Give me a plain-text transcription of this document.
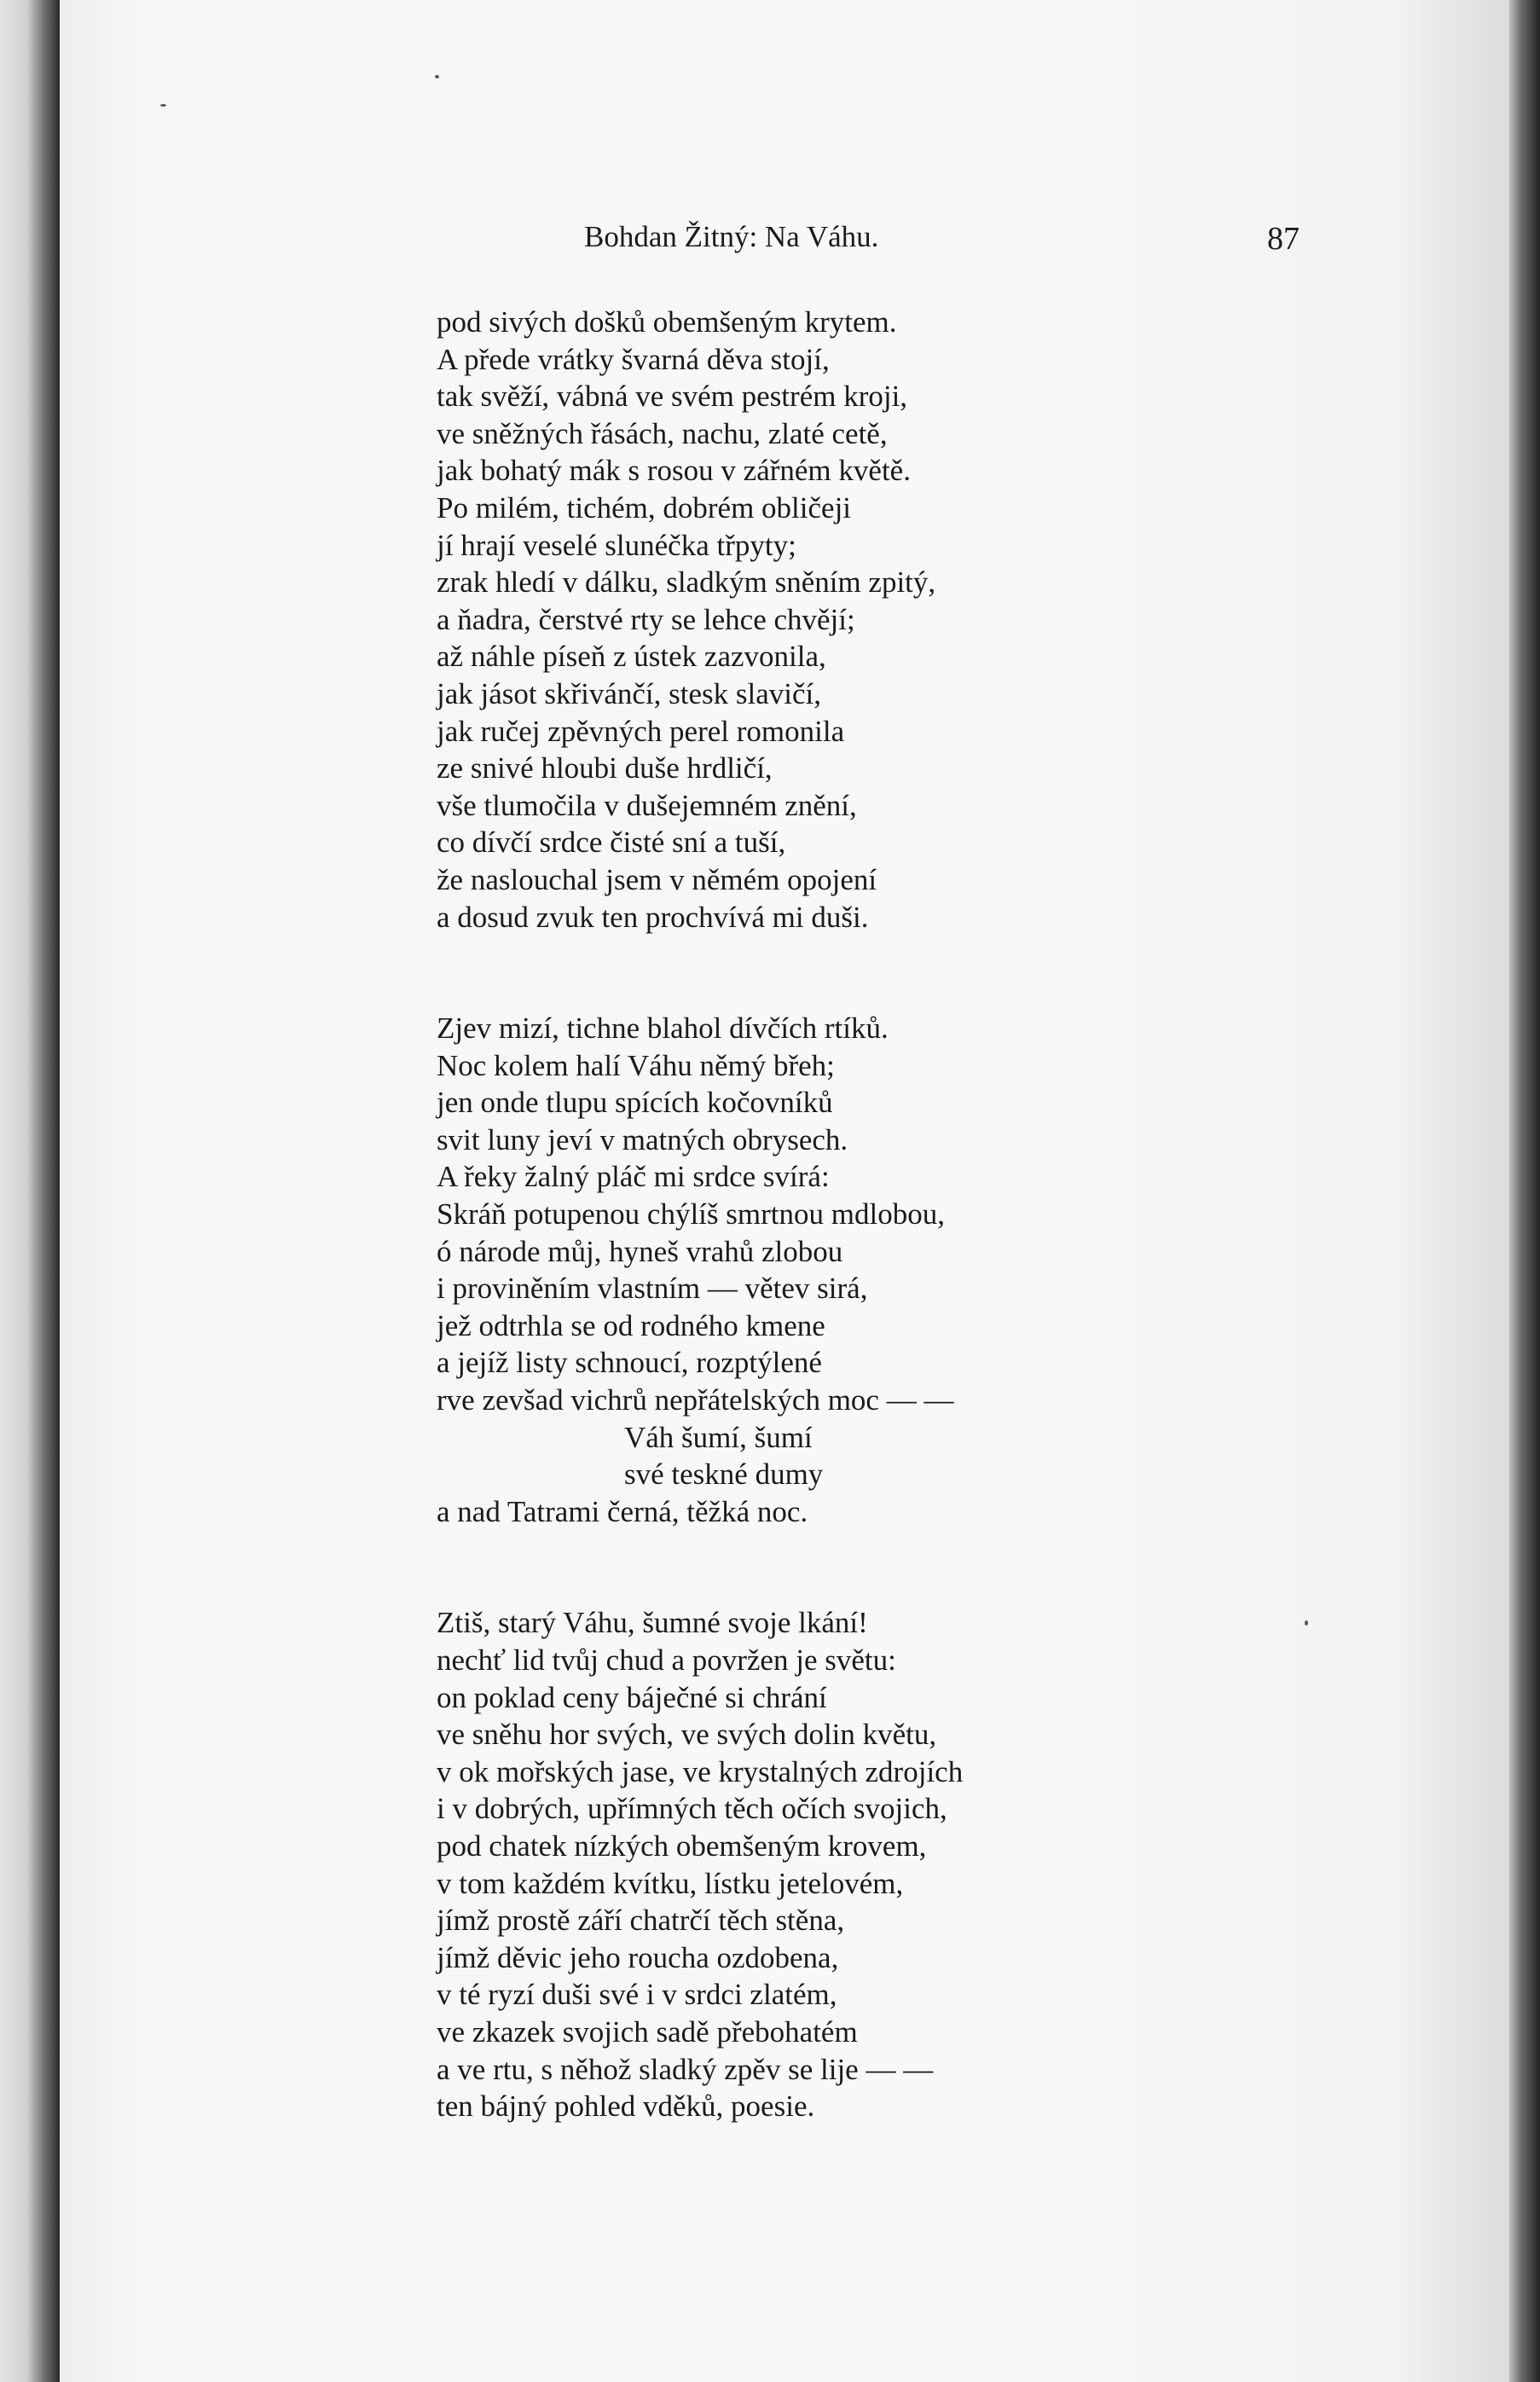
Bohdan Žitný: Na Váhu.	87
pod sivých došků obemšeným krytem.
A přede vrátky švarná děva stojí,
tak svěží, vábná ve svém pestrém kroji,
ve sněžných řásách, nachu, zlaté cetě,
jak bohatý mák s rosou v zářném květě.
Po milém, tichém, dobrém obličeji
jí hrají veselé slunéčka třpyty;
zrak hledí v dálku, sladkým sněním zpitý,
a ňadra, čerstvé rty se lehce chvějí;
až náhle píseň z ústek zazvonila,
jak jásot skřivánčí, stesk slavičí,
jak ručej zpěvných perel romonila
ze snivé hloubi duše hrdličí,
vše tlumočila v dušejemném znění,
co dívčí srdce čisté sní a tuší,
že naslouchal jsem v němém opojení
a dosud zvuk ten prochvívá mi duši.
Zjev mizí, tichne blahol dívčích rtíků.
Noc kolem halí Váhu němý břeh;
jen onde tlupu spících kočovníků
svit luny jeví v matných obrysech.
A řeky žalný pláč mi srdce svírá:
Skráň potupenou chýlíš smrtnou mdlobou,
ó národe můj, hyneš vrahů zlobou
i proviněním vlastním — větev sirá,
jež odtrhla se od rodného kmene
a jejíž listy schnoucí, rozptýlené
rve zevšad vichrů nepřátelských moc — —
Váh šumí, šumí
své teskné dumy
a nad Tatrami černá, těžká noc.
Ztiš, starý Váhu, šumné svoje lkání!
nechť lid tvůj chud a povržen je světu:
on poklad ceny báječné si chrání
ve sněhu hor svých, ve svých dolin květu,
v ok mořských jase, ve krystalných zdrojích
i v dobrých, upřímných těch očích svojich,
pod chatek nízkých obemšeným krovem,
v tom každém kvítku, lístku jetelovém,
jímž prostě září chatrčí těch stěna,
jímž děvic jeho roucha ozdobena,
v té ryzí duši své i v srdci zlatém,
ve zkazek svojich sadě přebohatém
a ve rtu, s něhož sladký zpěv se lije — —
ten bájný pohled vděků, poesie.
